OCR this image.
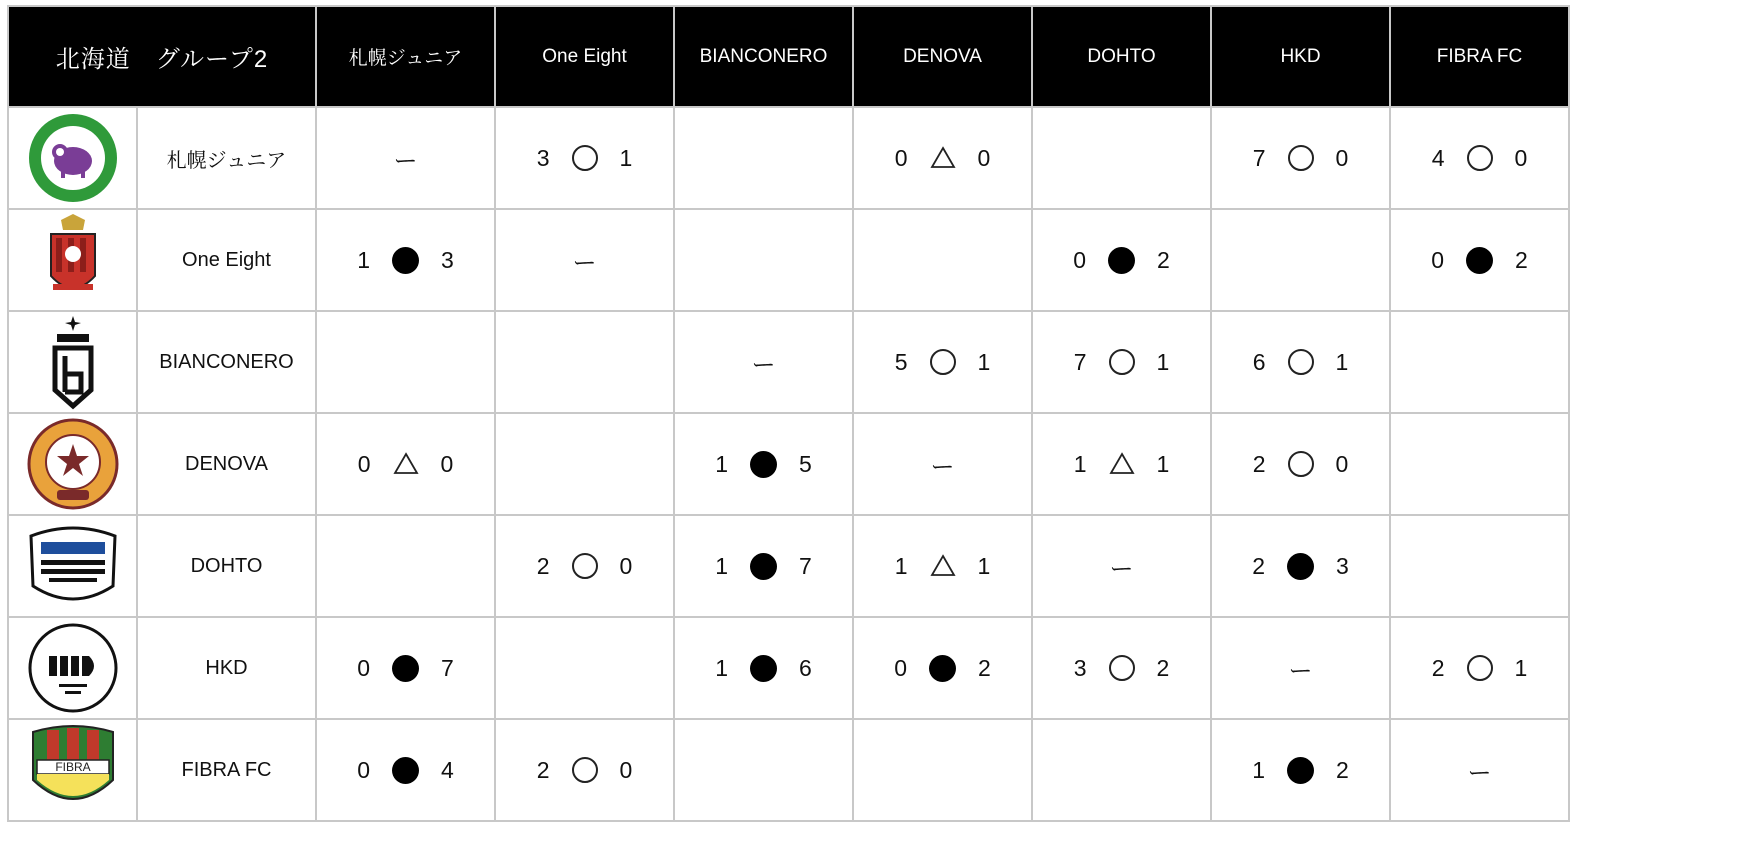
北海道　グループ2		札幌ジュニア	One Eight	BIANCONERO	DENOVA	DOHTO	HKD	FIBRA FC

	札幌ジュニア	ー	3 1		0 0		7 0	4 0

	One Eight	1 3	ー			0 2		0 2

	BIANCONERO			ー	5 1	7 1	6 1	

	DENOVA	0 0		1 5	ー	1 1	2 0	

	DOHTO		2 0	1 7	1 1	ー	2 3	

	HKD	0 7		1 6	0 2	3 2	ー	2 1

FIBRA	FIBRA FC	0 4	2 0				1 2	ー
